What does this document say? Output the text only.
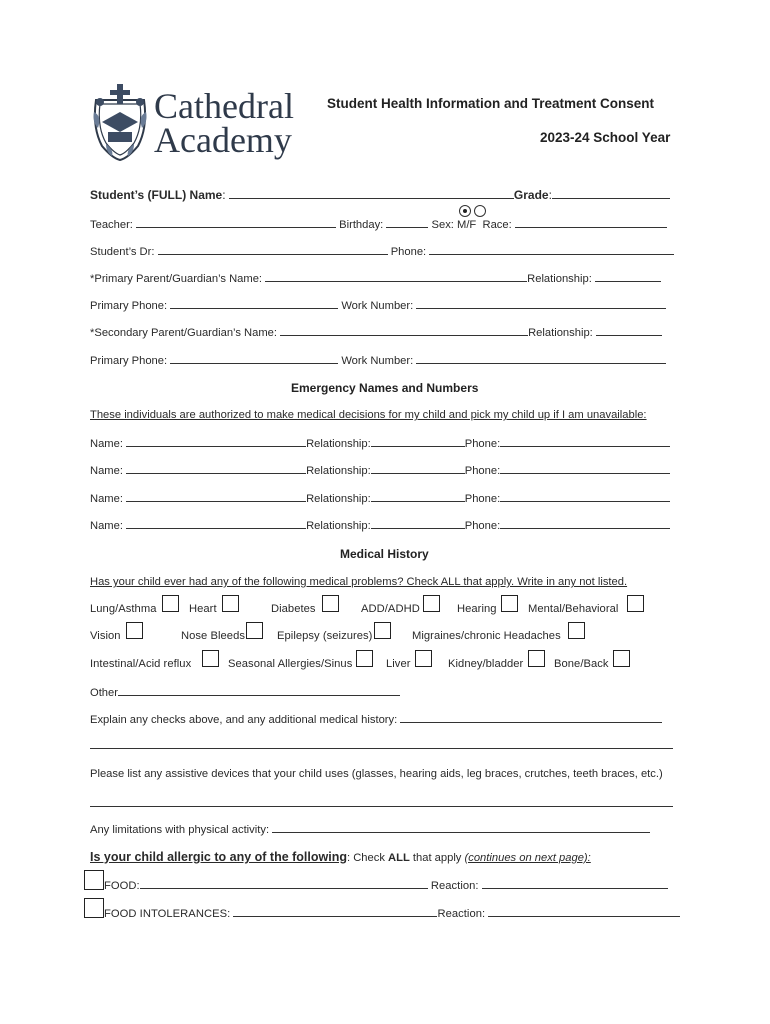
Cathedral
Academy
Student Health Information and Treatment Consent
2023-24 School Year
Student’s (FULL) Name:	Grade:
Teacher:	Birthday:	Sex: M/F Race:
Student’s Dr:	Phone:
*Primary Parent/Guardian’s Name:	Relationship:
Primary Phone:	Work Number:
*Secondary Parent/Guardian’s Name:	Relationship:
Primary Phone:	Work Number:
Emergency Names and Numbers
These individuals are authorized to make medical decisions for my child and pick my child up if I am unavailable:
Name:	Relationship:	Phone:
Name:	Relationship:	Phone:
Name:	Relationship:	Phone:
Name:	Relationship:	Phone:
Medical History
Has your child ever had any of the following medical problems? Check ALL that apply. Write in any not listed.
Lung/Asthma	Heart	Diabetes	ADD/ADHD	Hearing	Mental/Behavioral
Vision	Nose Bleeds	Epilepsy (seizures)	Migraines/chronic Headaches
Intestinal/Acid reflux	Seasonal Allergies/Sinus	Liver	Kidney/bladder	Bone/Back
Other
Explain any checks above, and any additional medical history:
Please list any assistive devices that your child uses (glasses, hearing aids, leg braces, crutches, teeth braces, etc.)
Any limitations with physical activity:
Is your child allergic to any of the following: Check ALL that apply (continues on next page):
FOOD:	Reaction:
FOOD INTOLERANCES:	Reaction:
